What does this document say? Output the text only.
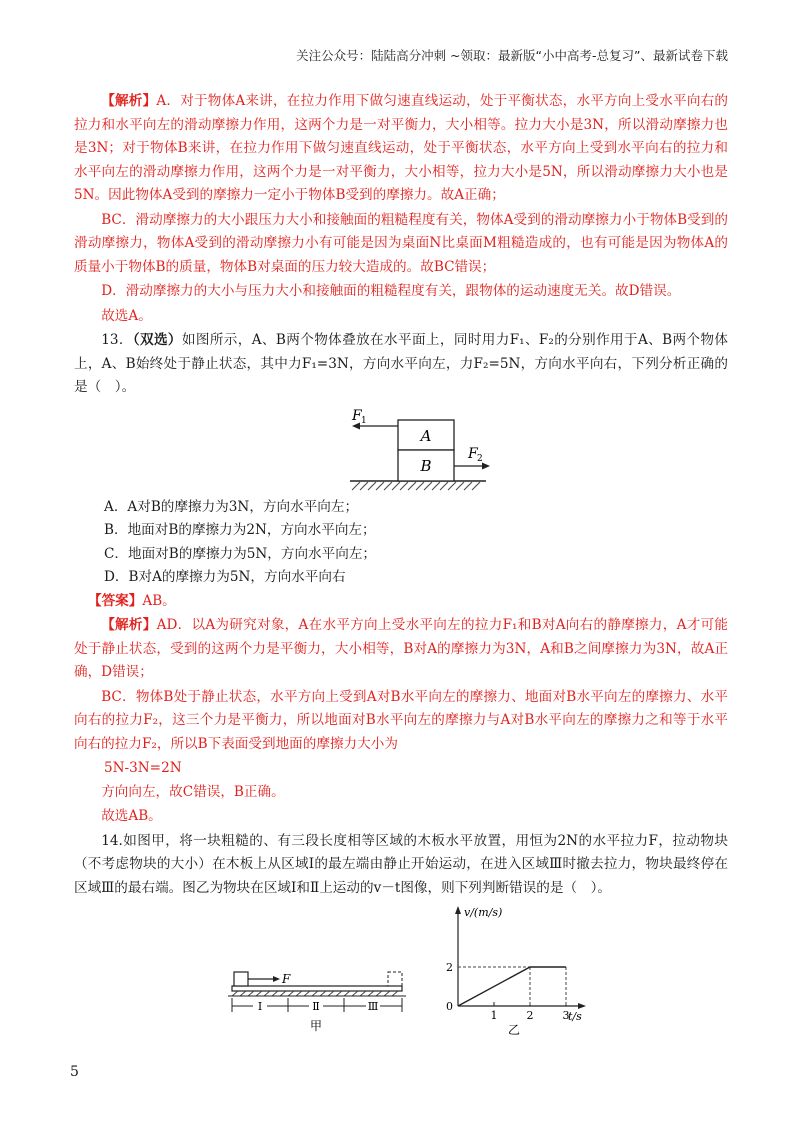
关注公众号：陆陆高分冲刺 ~领取：最新版“小中高考-总复习”、最新试卷下载

【解析】A．对于物体A来讲，在拉力作用下做匀速直线运动，处于平衡状态，水平方向上受水平向右的拉力和水平向左的滑动摩擦力作用，这两个力是一对平衡力，大小相等。拉力大小是3N，所以滑动摩擦力也是3N；对于物体B来讲，在拉力作用下做匀速直线运动，处于平衡状态，水平方向上受到水平向右的拉力和水平向左的滑动摩擦力作用，这两个力是一对平衡力，大小相等，拉力大小是5N，所以滑动摩擦力大小也是5N。因此物体A受到的摩擦力一定小于物体B受到的摩擦力。故A正确；

BC．滑动摩擦力的大小跟压力大小和接触面的粗糙程度有关，物体A受到的滑动摩擦力小于物体B受到的滑动摩擦力，物体A受到的滑动摩擦力小有可能是因为桌面N比桌面M粗糙造成的，也有可能是因为物体A的质量小于物体B的质量，物体B对桌面的压力较大造成的。故BC错误；

D．滑动摩擦力的大小与压力大小和接触面的粗糙程度有关，跟物体的运动速度无关。故D错误。

故选A。

13．（双选）如图所示，A、B两个物体叠放在水平面上，同时用力F₁、F₂的分别作用于A、B两个物体上，A、B始终处于静止状态，其中力F₁=3N，方向水平向左，力F₂=5N，方向水平向右，下列分析正确的是（　）。

A
B
F 1
F 2

A．A对B的摩擦力为3N，方向水平向左；

B．地面对B的摩擦力为2N，方向水平向左；

C．地面对B的摩擦力为5N，方向水平向左；

D．B对A的摩擦力为5N，方向水平向右

【答案】AB。

【解析】AD．以A为研究对象，A在水平方向上受水平向左的拉力F₁和B对A向右的静摩擦力，A才可能处于静止状态，受到的这两个力是平衡力，大小相等，B对A的摩擦力为3N，A和B之间摩擦力为3N，故A正确，D错误；

BC．物体B处于静止状态，水平方向上受到A对B水平向左的摩擦力、地面对B水平向左的摩擦力、水平向右的拉力F₂，这三个力是平衡力，所以地面对B水平向左的摩擦力与A对B水平向左的摩擦力之和等于水平向右的拉力F₂，所以B下表面受到地面的摩擦力大小为

5N-3N=2N

方向向左，故C错误，B正确。

故选AB。

14.如图甲，将一块粗糙的、有三段长度相等区域的木板水平放置，用恒为2N的水平拉力F，拉动物块（不考虑物块的大小）在木板上从区域Ⅰ的最左端由静止开始运动，在进入区域Ⅲ时撤去拉力，物块最终停在区域Ⅲ的最右端。图乙为物块在区域Ⅰ和Ⅱ上运动的v－t图像，则下列判断错误的是（　）。

F
Ⅰ	Ⅱ	Ⅲ
甲
v/(m/s)
t/s
0
2
1	2	3
乙
5
